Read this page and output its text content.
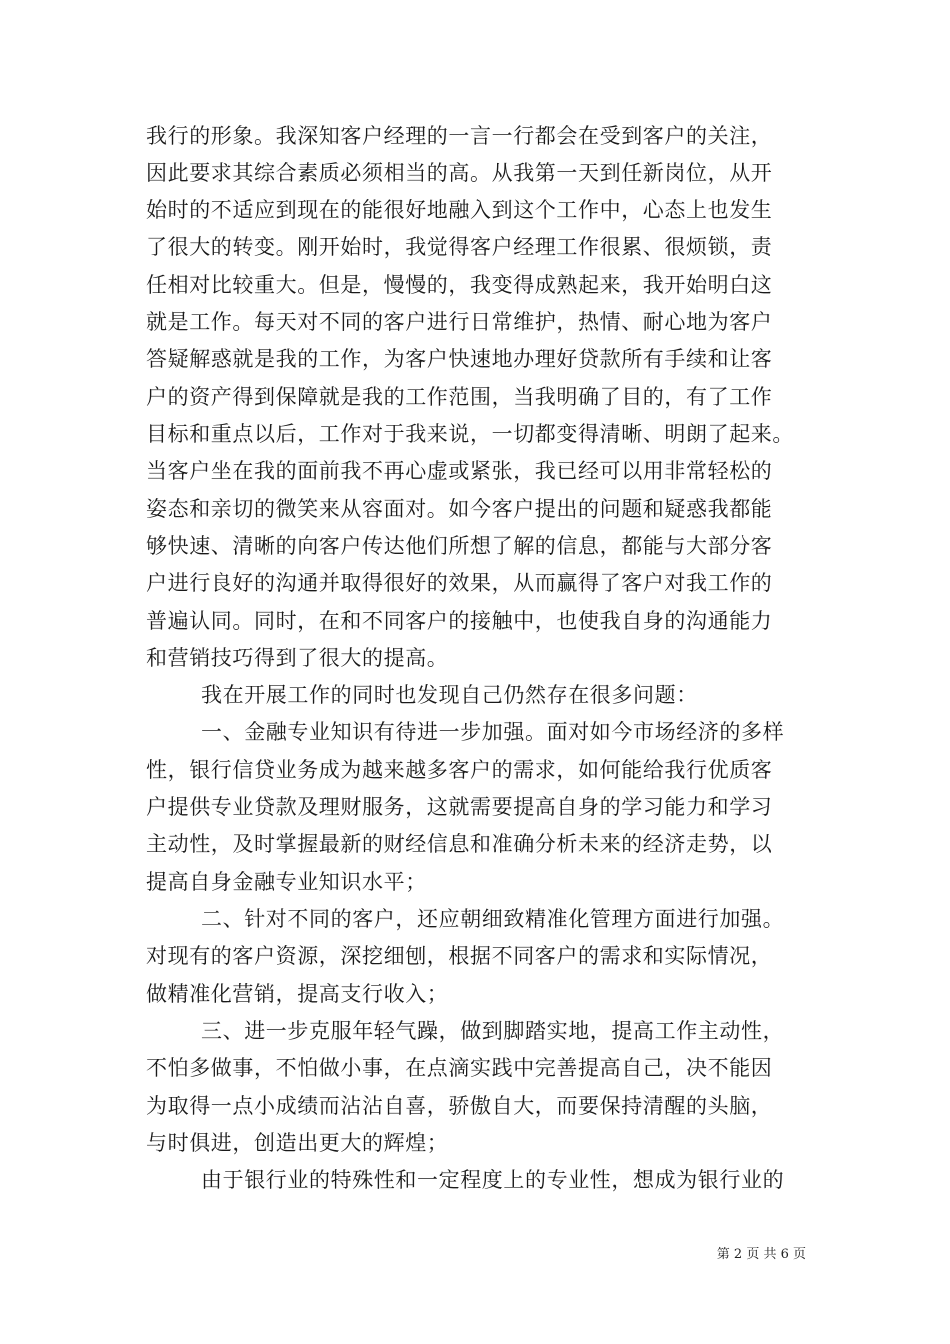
我行的形象。我深知客户经理的一言一行都会在受到客户的关注，
因此要求其综合素质必须相当的高。从我第一天到任新岗位，从开
始时的不适应到现在的能很好地融入到这个工作中，心态上也发生
了很大的转变。刚开始时，我觉得客户经理工作很累、很烦锁，责
任相对比较重大。但是，慢慢的，我变得成熟起来，我开始明白这
就是工作。每天对不同的客户进行日常维护，热情、耐心地为客户
答疑解惑就是我的工作，为客户快速地办理好贷款所有手续和让客
户的资产得到保障就是我的工作范围，当我明确了目的，有了工作
目标和重点以后，工作对于我来说，一切都变得清晰、明朗了起来。
当客户坐在我的面前我不再心虚或紧张，我已经可以用非常轻松的
姿态和亲切的微笑来从容面对。如今客户提出的问题和疑惑我都能
够快速、清晰的向客户传达他们所想了解的信息，都能与大部分客
户进行良好的沟通并取得很好的效果，从而赢得了客户对我工作的
普遍认同。同时，在和不同客户的接触中，也使我自身的沟通能力
和营销技巧得到了很大的提高。
我在开展工作的同时也发现自己仍然存在很多问题：
一、金融专业知识有待进一步加强。面对如今市场经济的多样
性，银行信贷业务成为越来越多客户的需求，如何能给我行优质客
户提供专业贷款及理财服务，这就需要提高自身的学习能力和学习
主动性，及时掌握最新的财经信息和准确分析未来的经济走势，以
提高自身金融专业知识水平；
二、针对不同的客户，还应朝细致精准化管理方面进行加强。
对现有的客户资源，深挖细刨，根据不同客户的需求和实际情况，
做精准化营销，提高支行收入；
三、进一步克服年轻气躁，做到脚踏实地，提高工作主动性，
不怕多做事，不怕做小事，在点滴实践中完善提高自己，决不能因
为取得一点小成绩而沾沾自喜，骄傲自大，而要保持清醒的头脑，
与时俱进，创造出更大的辉煌；
由于银行业的特殊性和一定程度上的专业性，想成为银行业的
第 2 页 共 6 页
